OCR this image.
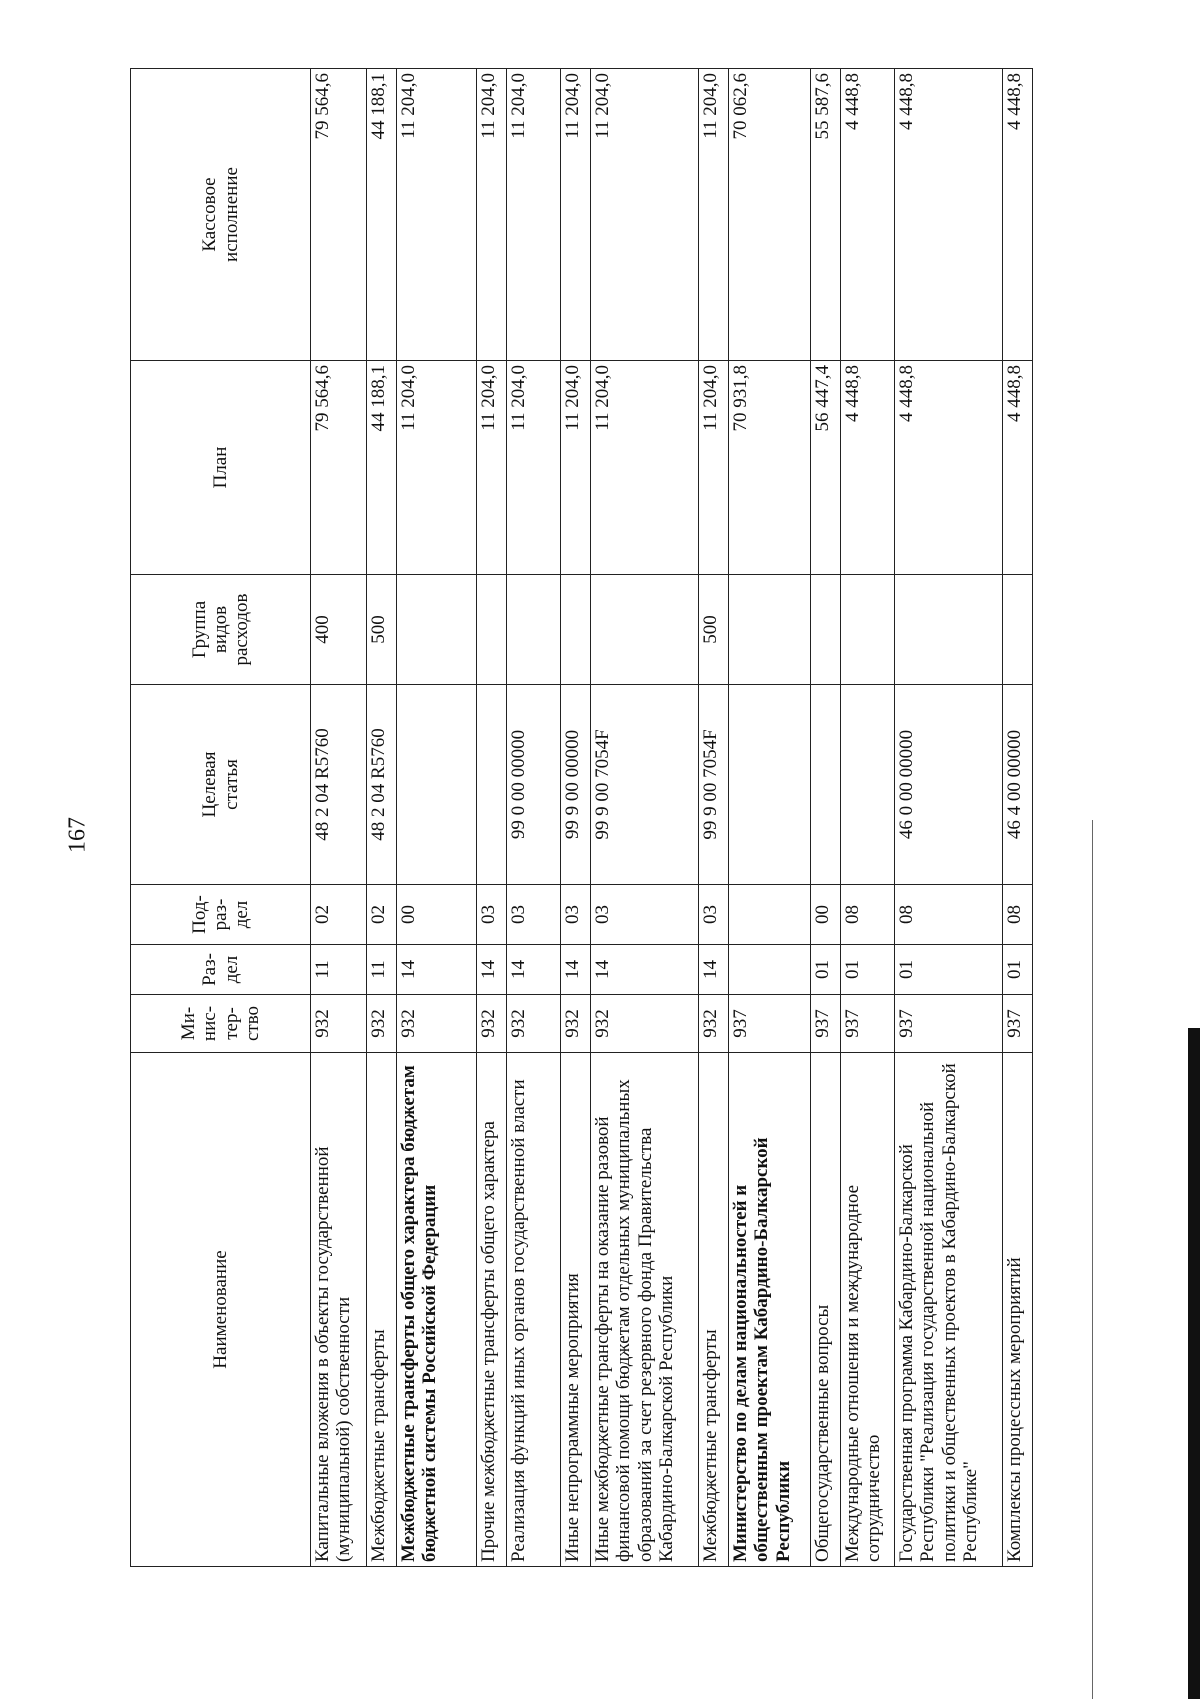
167
Наименование	Ми-
нис-
тер-
ство	Раз-
дел	Под-
раз-
дел	Целевая
статья	Группа
видов
расходов	План	Кассовое
исполнение
Капитальные вложения в объекты государственной (муниципальной) собственности	932	11	02	48 2 04 R5760	400	79 564,6	79 564,6
Межбюджетные трансферты	932	11	02	48 2 04 R5760	500	44 188,1	44 188,1
Межбюджетные трансферты общего характера бюджетам бюджетной системы Российской Федерации	932	14	00			11 204,0	11 204,0
Прочие межбюджетные трансферты общего характера	932	14	03			11 204,0	11 204,0
Реализация функций иных органов государственной власти	932	14	03	99 0 00 00000		11 204,0	11 204,0
Иные непрограммные мероприятия	932	14	03	99 9 00 00000		11 204,0	11 204,0
Иные межбюджетные трансферты на оказание разовой финансовой помощи бюджетам отдельных муниципальных образований за счет резервного фонда Правительства Кабардино-Балкарской Республики	932	14	03	99 9 00 7054F		11 204,0	11 204,0
Межбюджетные трансферты	932	14	03	99 9 00 7054F	500	11 204,0	11 204,0
Министерство по делам национальностей и общественным проектам Кабардино-Балкарской Республики	937					70 931,8	70 062,6
Общегосударственные вопросы	937	01	00			56 447,4	55 587,6
Международные отношения и международное сотрудничество	937	01	08			4 448,8	4 448,8
Государственная программа Кабардино-Балкарской Республики "Реализация государственной национальной политики и общественных проектов в Кабардино-Балкарской Республике"	937	01	08	46 0 00 00000		4 448,8	4 448,8
Комплексы процессных мероприятий	937	01	08	46 4 00 00000		4 448,8	4 448,8
